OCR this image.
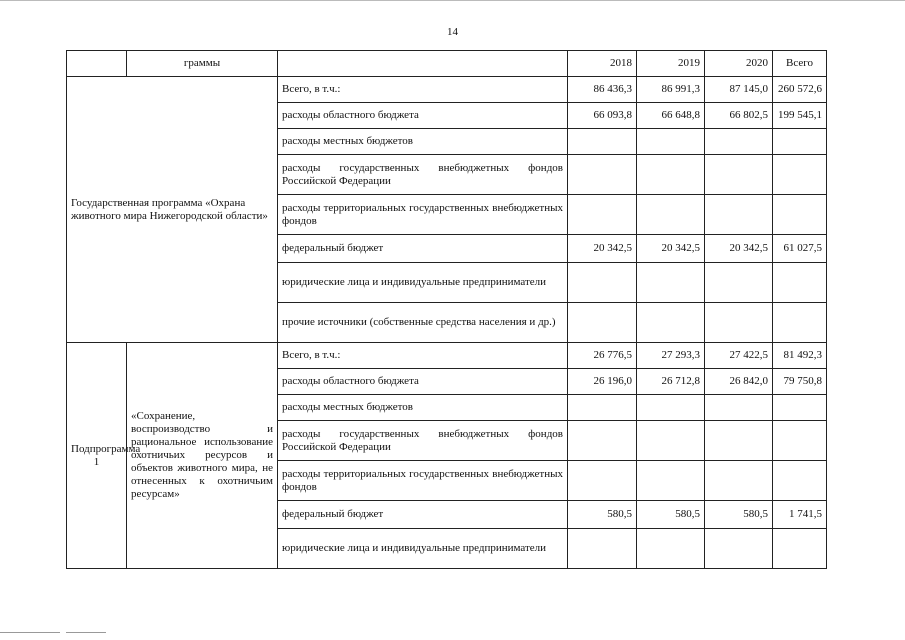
14
	граммы		2018	2019	2020	Всего
Государственная программа «Охрана животного мира Нижегородской области»		Всего, в т.ч.:	86 436,3	86 991,3	87 145,0	260 572,6
		расходы областного бюджета	66 093,8	66 648,8	66 802,5	199 545,1
		расходы местных бюджетов				
		расходы государственных внебюджетных фондов Российской Федерации				
		расходы территориальных государственных внебюджетных фондов				
		федеральный бюджет	20 342,5	20 342,5	20 342,5	61 027,5
		юридические лица и индивидуальные предприниматели				
		прочие источники (собственные средства населения и др.)				
Подпрограмма 1	«Сохранение, воспроизводство и рациональное использование охотничьих ресурсов и объектов животного мира, не отнесенных к охотничьим ресурсам»	Всего, в т.ч.:	26 776,5	27 293,3	27 422,5	81 492,3
		расходы областного бюджета	26 196,0	26 712,8	26 842,0	79 750,8
		расходы местных бюджетов				
		расходы государственных внебюджетных фондов Российской Федерации				
		расходы территориальных государственных внебюджетных фондов				
		федеральный бюджет	580,5	580,5	580,5	1 741,5
		юридические лица и индивидуальные предприниматели				
